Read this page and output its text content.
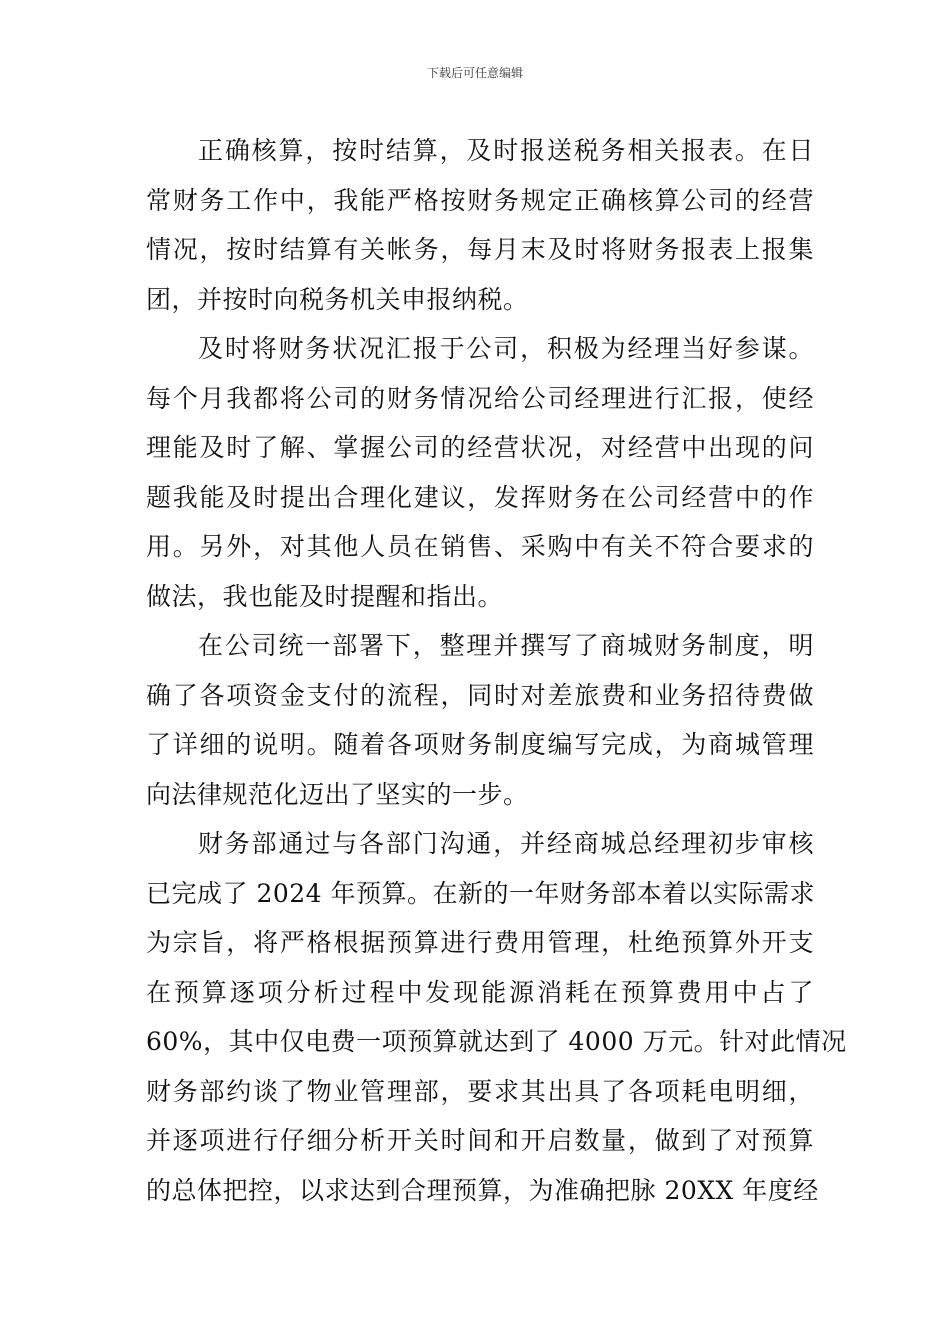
下载后可任意编辑
正确核算，按时结算，及时报送税务相关报表。在日
常财务工作中，我能严格按财务规定正确核算公司的经营
情况，按时结算有关帐务，每月末及时将财务报表上报集
团，并按时向税务机关申报纳税。
及时将财务状况汇报于公司，积极为经理当好参谋。
每个月我都将公司的财务情况给公司经理进行汇报，使经
理能及时了解、掌握公司的经营状况，对经营中出现的问
题我能及时提出合理化建议，发挥财务在公司经营中的作
用。另外，对其他人员在销售、采购中有关不符合要求的
做法，我也能及时提醒和指出。
在公司统一部署下，整理并撰写了商城财务制度，明
确了各项资金支付的流程，同时对差旅费和业务招待费做
了详细的说明。随着各项财务制度编写完成，为商城管理
向法律规范化迈出了坚实的一步。
财务部通过与各部门沟通，并经商城总经理初步审核
已完成了 2024 年预算。在新的一年财务部本着以实际需求
为宗旨，将严格根据预算进行费用管理，杜绝预算外开支
在预算逐项分析过程中发现能源消耗在预算费用中占了
60%，其中仅电费一项预算就达到了 4000 万元。针对此情况
财务部约谈了物业管理部，要求其出具了各项耗电明细，
并逐项进行仔细分析开关时间和开启数量，做到了对预算
的总体把控，以求达到合理预算，为准确把脉 20XX 年度经
